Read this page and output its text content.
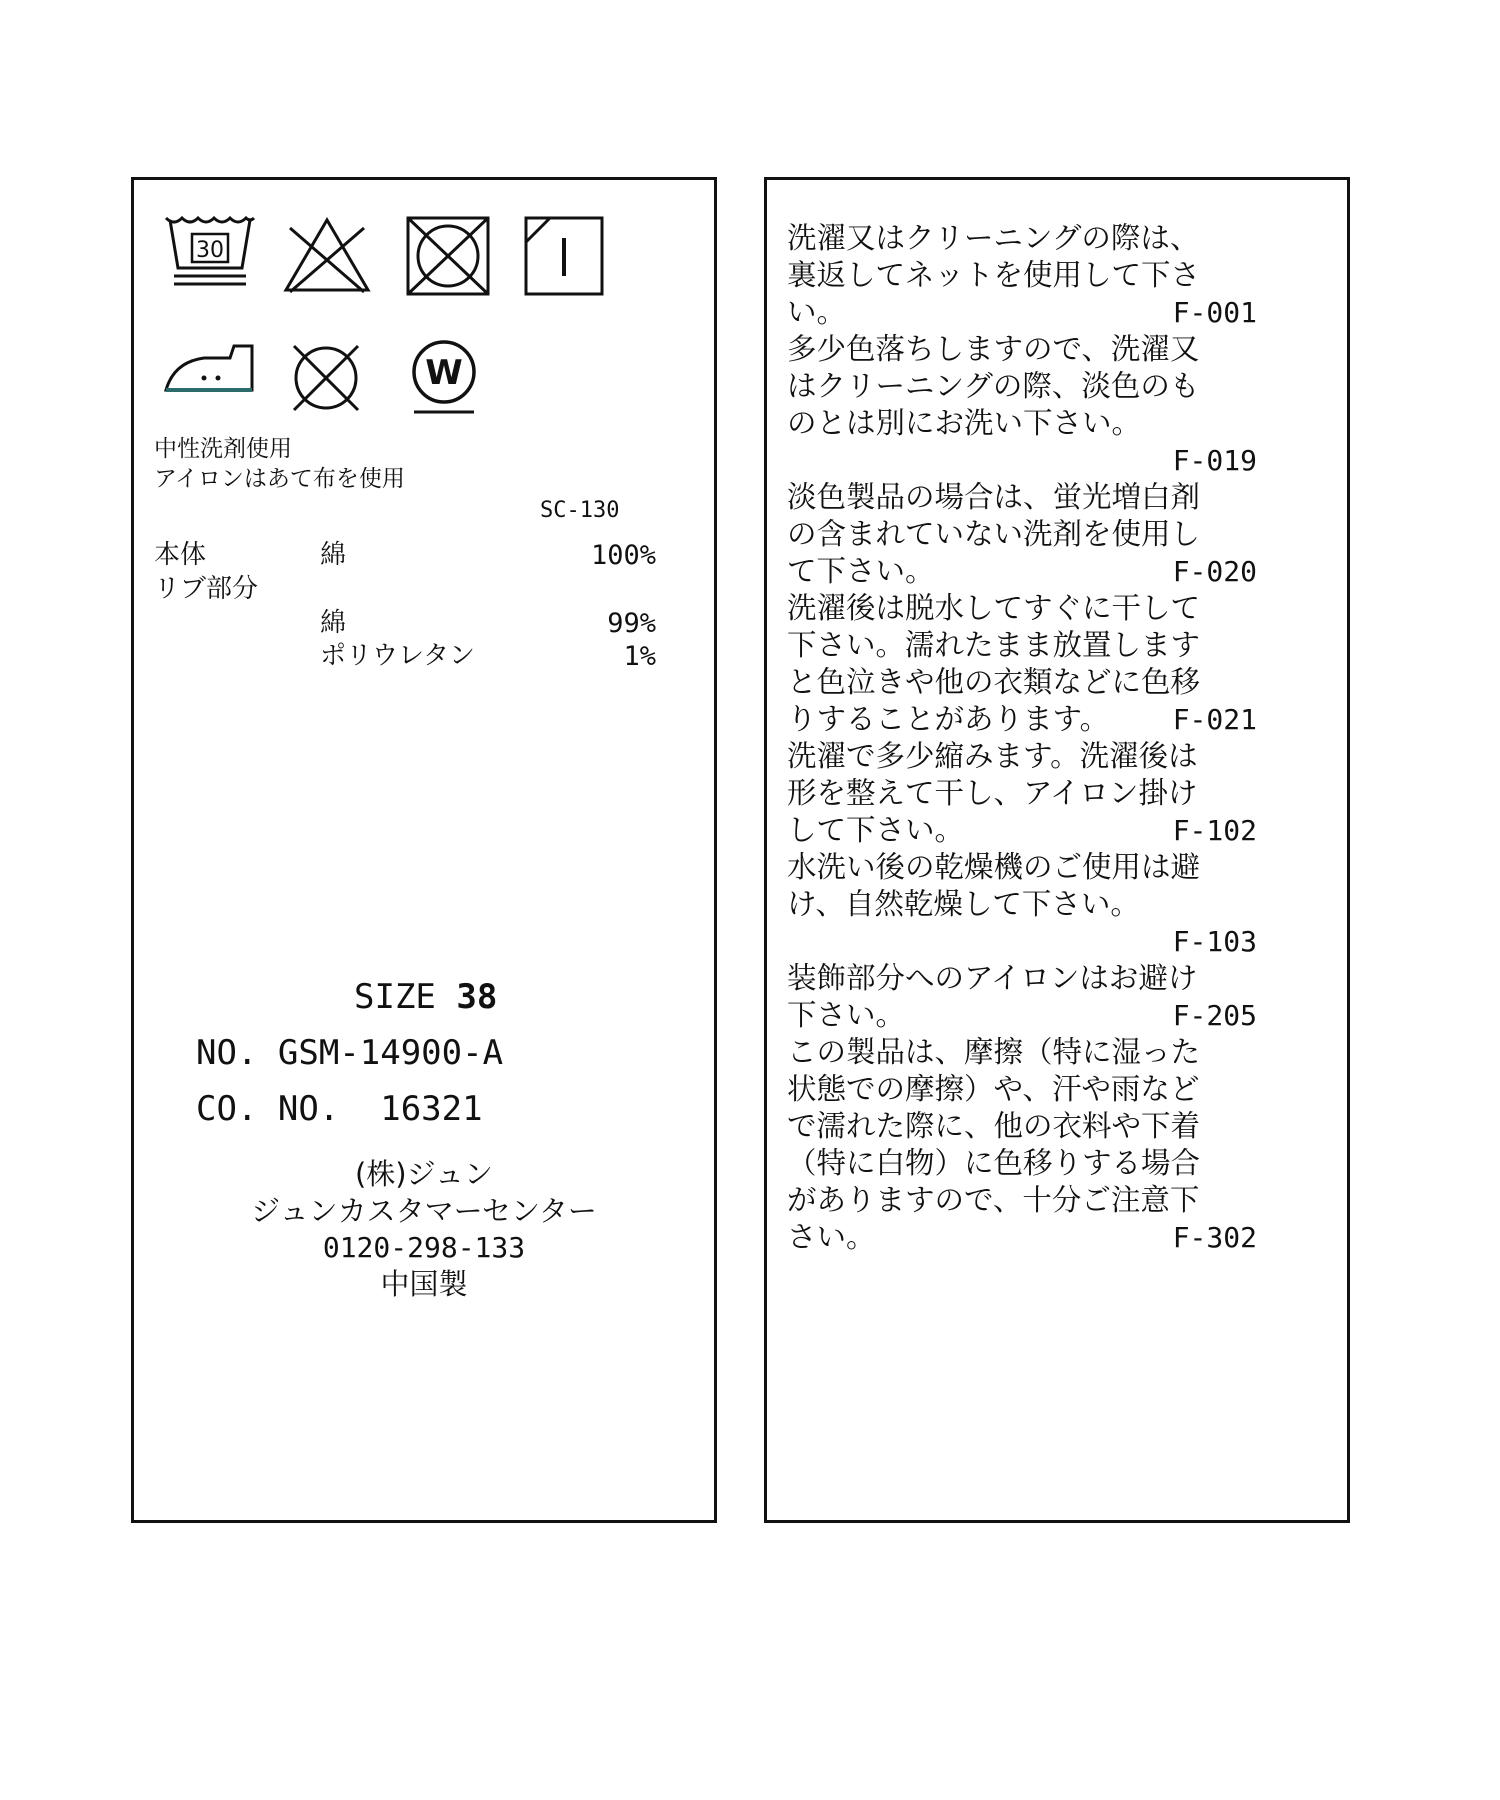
30
W
中性洗剤使用
アイロンはあて布を使用
SC-130
本体	綿	100%
リブ部分
綿	99%
ポリウレタン	1%
SIZE 38
NO. GSM-14900-A
CO. NO.  16321
(株)ジュン
ジュンカスタマーセンター
0120-298-133
中国製
洗濯又はクリーニングの際は、
裏返してネットを使用して下さ
い。	F-001
多少色落ちしますので、洗濯又
はクリーニングの際、淡色のも
のとは別にお洗い下さい。
F-019
淡色製品の場合は、蛍光増白剤
の含まれていない洗剤を使用し
て下さい。	F-020
洗濯後は脱水してすぐに干して
下さい。濡れたまま放置します
と色泣きや他の衣類などに色移
りすることがあります。 F-021
洗濯で多少縮みます。洗濯後は
形を整えて干し、アイロン掛け
して下さい。	F-102
水洗い後の乾燥機のご使用は避
け、自然乾燥して下さい。
F-103
装飾部分へのアイロンはお避け
下さい。	F-205
この製品は、摩擦（特に湿った
状態での摩擦）や、汗や雨など
で濡れた際に、他の衣料や下着
（特に白物）に色移りする場合
がありますので、十分ご注意下
さい。	F-302
